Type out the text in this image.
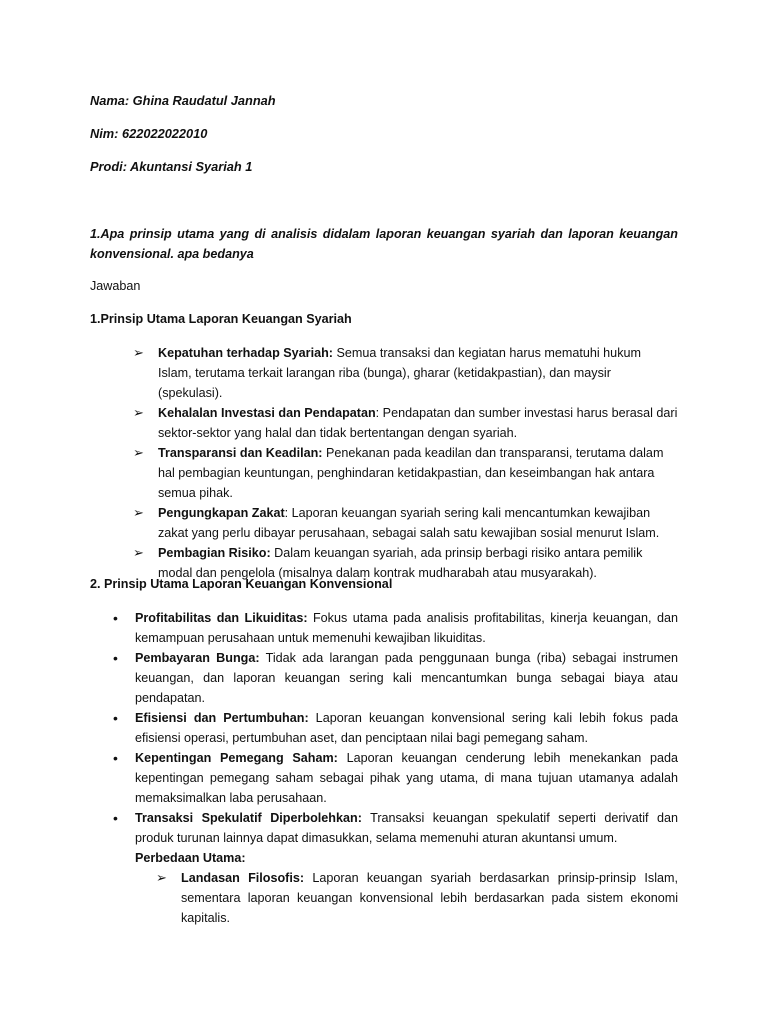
Nama: Ghina Raudatul Jannah

Nim: 622022022010

Prodi: Akuntansi Syariah 1

1.Apa prinsip utama yang di analisis didalam laporan keuangan syariah dan laporan keuangan konvensional. apa bedanya

Jawaban

1.Prinsip Utama Laporan Keuangan Syariah

➢ Kepatuhan terhadap Syariah: Semua transaksi dan kegiatan harus mematuhi hukum Islam, terutama terkait larangan riba (bunga), gharar (ketidakpastian), dan maysir (spekulasi).
➢ Kehalalan Investasi dan Pendapatan: Pendapatan dan sumber investasi harus berasal dari sektor-sektor yang halal dan tidak bertentangan dengan syariah.
➢ Transparansi dan Keadilan: Penekanan pada keadilan dan transparansi, terutama dalam hal pembagian keuntungan, penghindaran ketidakpastian, dan keseimbangan hak antara semua pihak.
➢ Pengungkapan Zakat: Laporan keuangan syariah sering kali mencantumkan kewajiban zakat yang perlu dibayar perusahaan, sebagai salah satu kewajiban sosial menurut Islam.
➢ Pembagian Risiko: Dalam keuangan syariah, ada prinsip berbagi risiko antara pemilik modal dan pengelola (misalnya dalam kontrak mudharabah atau musyarakah).

2. Prinsip Utama Laporan Keuangan Konvensional

• Profitabilitas dan Likuiditas: Fokus utama pada analisis profitabilitas, kinerja keuangan, dan kemampuan perusahaan untuk memenuhi kewajiban likuiditas.
• Pembayaran Bunga: Tidak ada larangan pada penggunaan bunga (riba) sebagai instrumen keuangan, dan laporan keuangan sering kali mencantumkan bunga sebagai biaya atau pendapatan.
• Efisiensi dan Pertumbuhan: Laporan keuangan konvensional sering kali lebih fokus pada efisiensi operasi, pertumbuhan aset, dan penciptaan nilai bagi pemegang saham.
• Kepentingan Pemegang Saham: Laporan keuangan cenderung lebih menekankan pada kepentingan pemegang saham sebagai pihak yang utama, di mana tujuan utamanya adalah memaksimalkan laba perusahaan.
• Transaksi Spekulatif Diperbolehkan: Transaksi keuangan spekulatif seperti derivatif dan produk turunan lainnya dapat dimasukkan, selama memenuhi aturan akuntansi umum.

Perbedaan Utama:

➢ Landasan Filosofis: Laporan keuangan syariah berdasarkan prinsip-prinsip Islam, sementara laporan keuangan konvensional lebih berdasarkan pada sistem ekonomi kapitalis.
